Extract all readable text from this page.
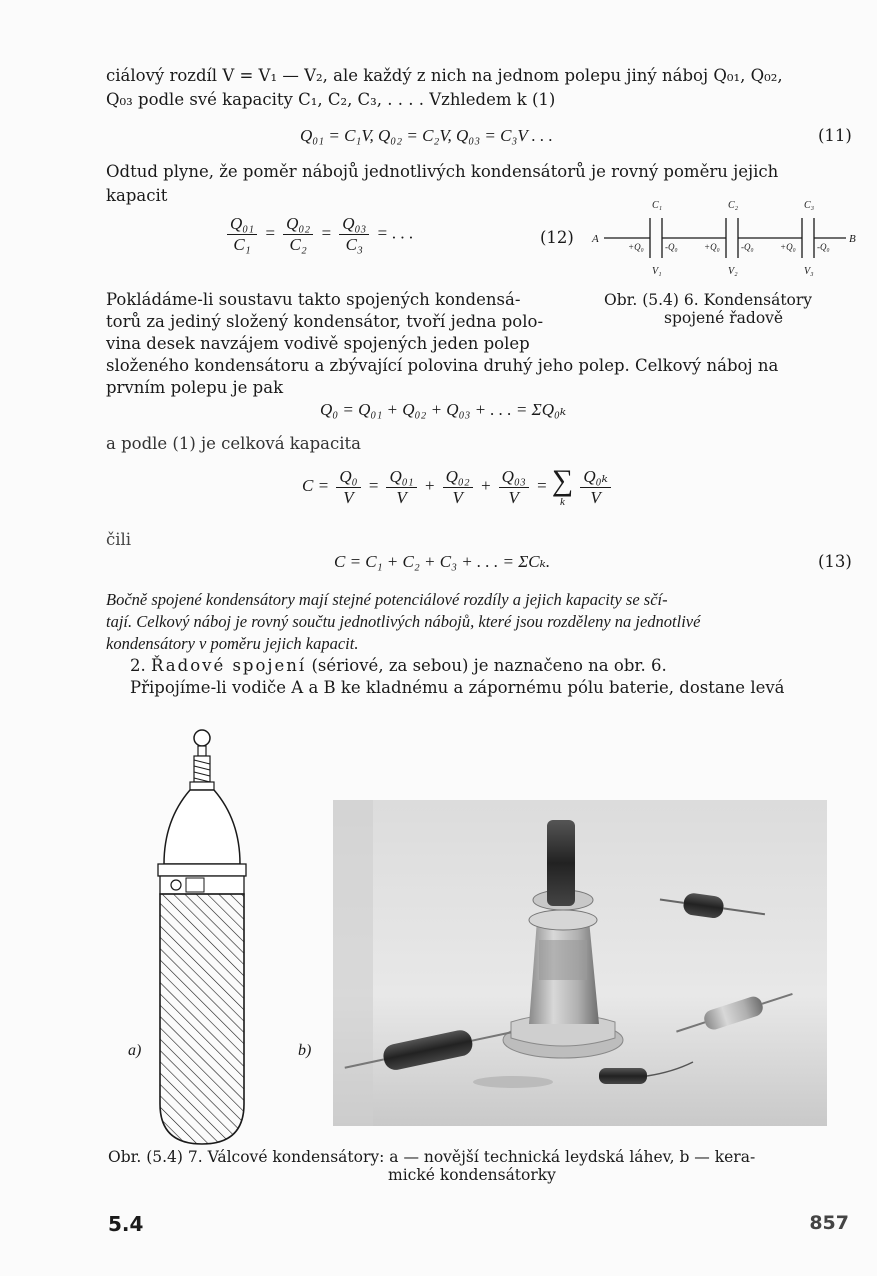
ciálový rozdíl V = V₁ — V₂, ale každý z nich na jednom polepu jiný náboj Q₀₁, Q₀₂,
Q₀₃ podle své kapacity C₁, C₂, C₃, . . . . Vzhledem k (1)
Q₀₁ = C₁V, Q₀₂ = C₂V, Q₀₃ = C₃V . . .	(11)
Odtud plyne, že poměr nábojů jednotlivých kondensátorů je rovný poměru jejich
kapacit
$\frac{\text{Q₀₁}}{\text{C₁}} = \frac{\text{Q₀₂}}{\text{C₂}} = \frac{\text{Q₀₃}}{\text{C₃}}$ = . . .	(12) A	B
C₁	C₂	C₃
+Q₀ -Q₀	+Q₀ -Q₀	+Q₀ -Q₀
V₁	V₂	V₃
Obr. (5.4) 6. Kondensátory
spojené řadově
Pokládáme-li soustavu takto spojených kondensá-
torů za jediný složený kondensátor, tvoří jedna polo-
vina desek navzájem vodivě spojených jeden polep
složeného kondensátoru a zbývající polovina druhý jeho polep. Celkový náboj na
prvním polepu je pak
Q₀ = Q₀₁ + Q₀₂ + Q₀₃ + . . . = ΣQ₀ₖ
a podle (1) je celková kapacita
$C = \frac{\text{Q₀}}{V} = \frac{\text{Q₀₁}}{V} + \frac{\text{Q₀₂}}{V} + \frac{\text{Q₀₃}}{V}$ = ∑
k
$\frac{\text{Q₀ₖ}}{V}$
čili
C = C₁ + C₂ + C₃ + . . . = ΣCₖ.	(13)
Bočně spojené kondensátory mají stejné potenciálové rozdíly a jejich kapacity se sčí-
tají. Celkový náboj je rovný součtu jednotlivých nábojů, které jsou rozděleny na jednotlivé
kondensátory v poměru jejich kapacit.
2. Řadové spojení (sériové, za sebou) je naznačeno na obr. 6.
Připojíme-li vodiče A a B ke kladnému a zápornému pólu baterie, dostane levá
a)	b)
Obr. (5.4) 7. Válcové kondensátory: a — novější technická leydská láhev, b — kera-
mické kondensátorky
5.4	857
